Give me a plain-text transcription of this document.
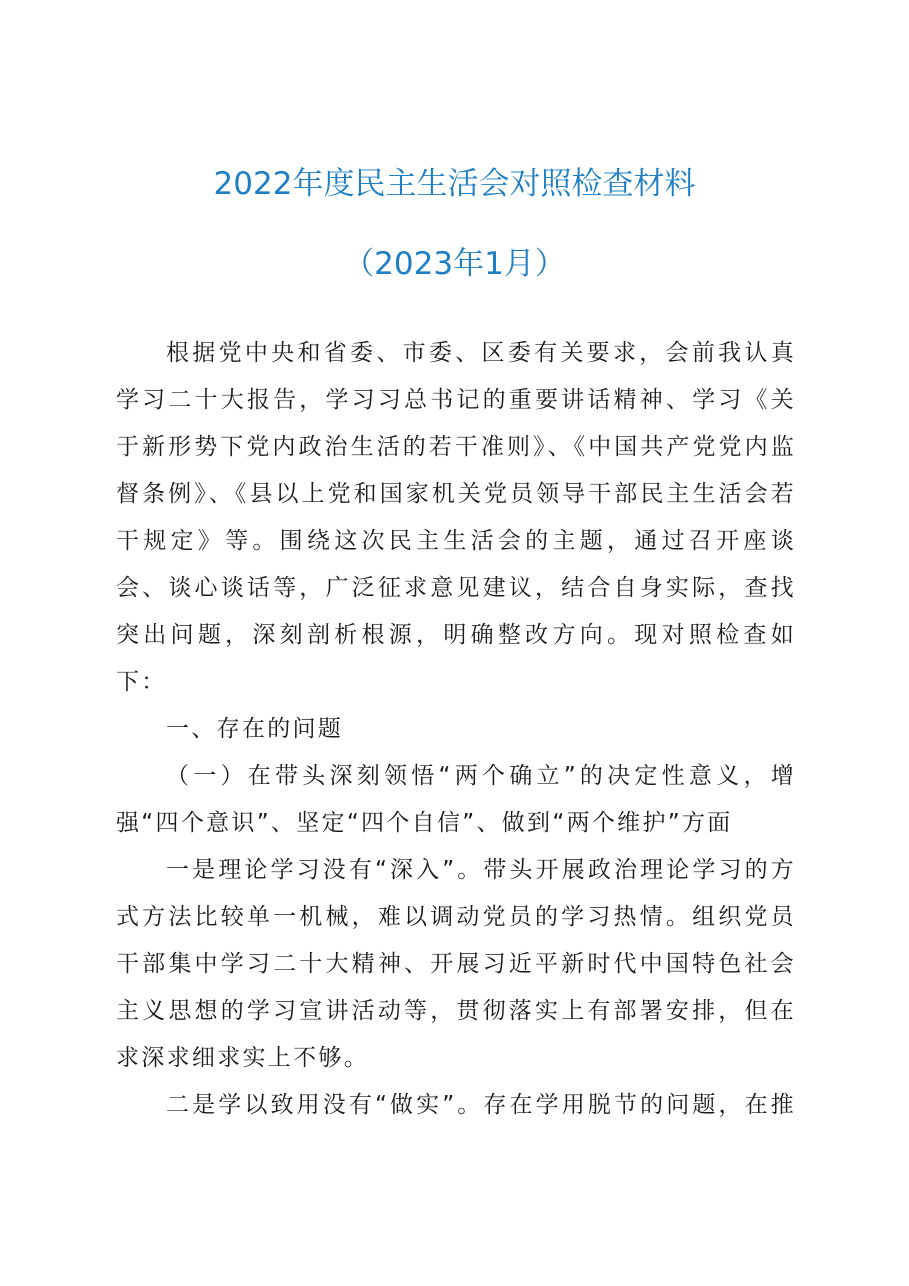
2022年度民主生活会对照检查材料
（2023年1月）

根据党中央和省委、市委、区委有关要求，会前我认真学习二十大报告，学习习总书记的重要讲话精神、学习《关于新形势下党内政治生活的若干准则》、《中国共产党党内监督条例》、《县以上党和国家机关党员领导干部民主生活会若干规定》等。围绕这次民主生活会的主题，通过召开座谈会、谈心谈话等，广泛征求意见建议，结合自身实际，查找突出问题，深刻剖析根源，明确整改方向。现对照检查如下：

一、存在的问题

（一）在带头深刻领悟“两个确立”的决定性意义，增强“四个意识”、坚定“四个自信”、做到“两个维护”方面

一是理论学习没有“深入”。带头开展政治理论学习的方式方法比较单一机械，难以调动党员的学习热情。组织党员干部集中学习二十大精神、开展习近平新时代中国特色社会主义思想的学习宣讲活动等，贯彻落实上有部署安排，但在求深求细求实上不够。

二是学以致用没有“做实”。存在学用脱节的问题，在推
